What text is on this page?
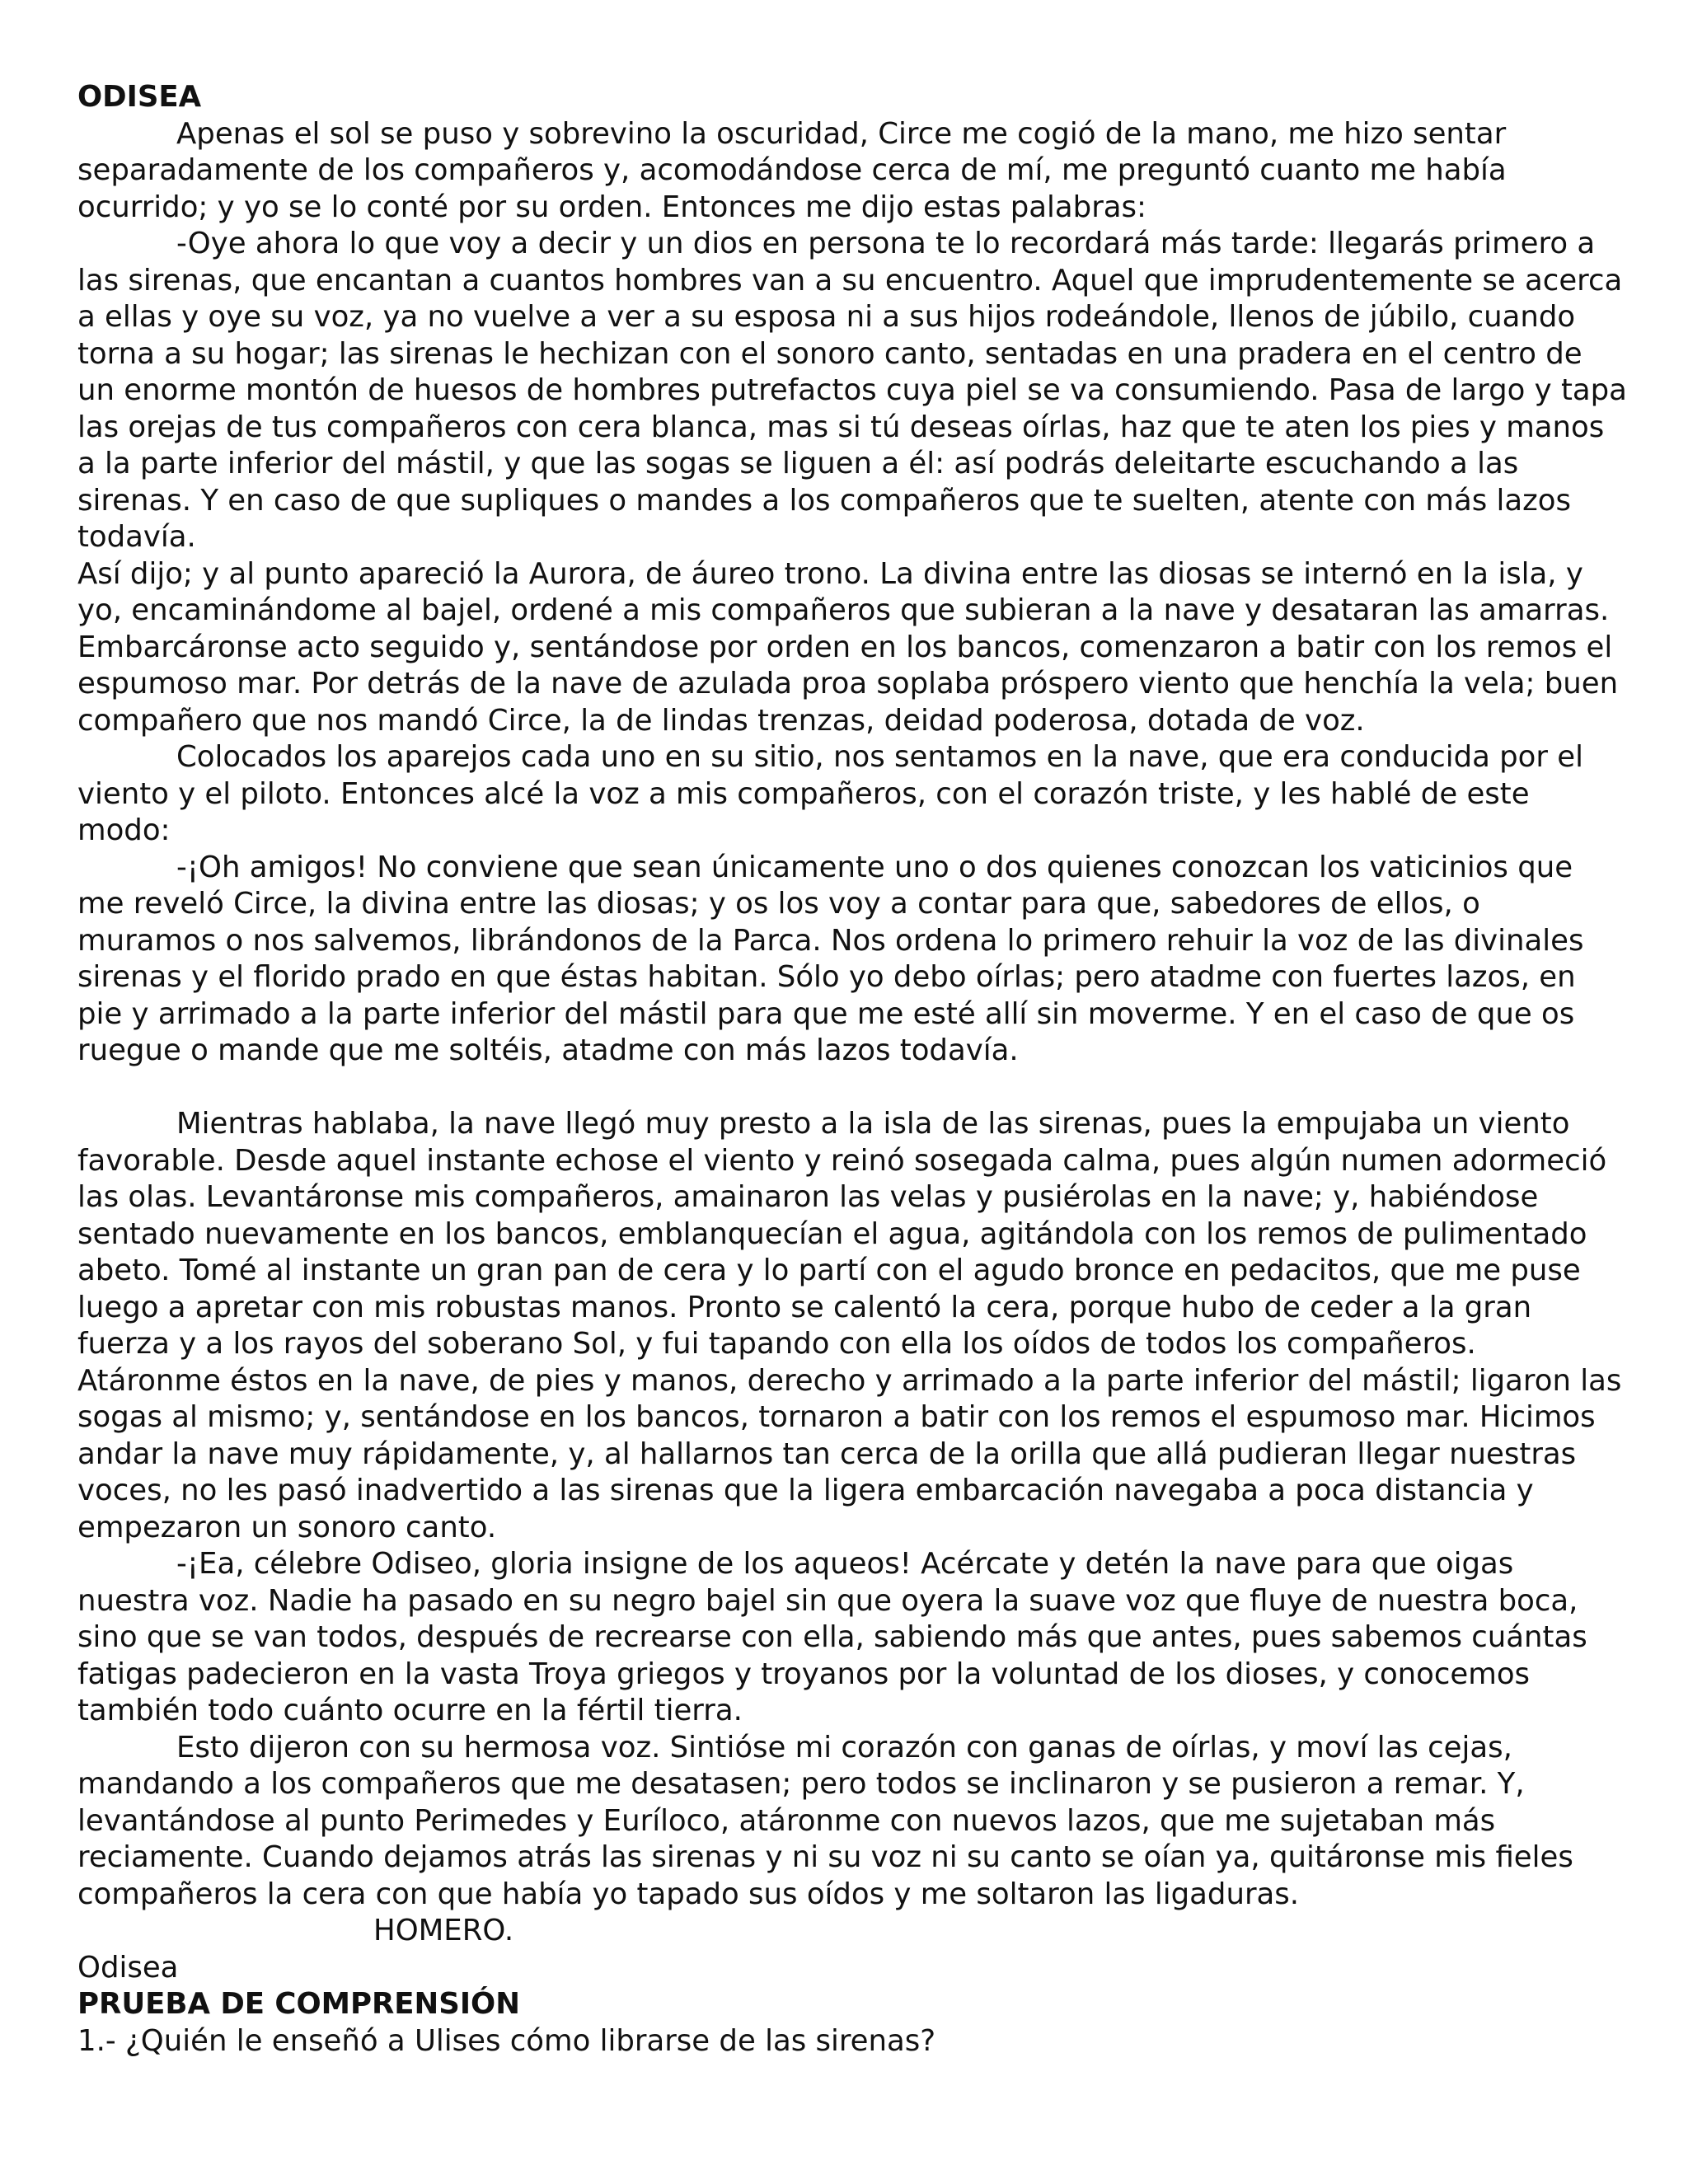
ODISEA

Apenas el sol se puso y sobrevino la oscuridad, Circe me cogió de la mano, me hizo sentar separadamente de los compañeros y, acomodándose cerca de mí, me preguntó cuanto me había ocurrido; y yo se lo conté por su orden. Entonces me dijo estas palabras:

-Oye ahora lo que voy a decir y un dios en persona te lo recordará más tarde: llegarás primero a las sirenas, que encantan a cuantos hombres van a su encuentro. Aquel que imprudentemente se acerca a ellas y oye su voz, ya no vuelve a ver a su esposa ni a sus hijos rodeándole, llenos de júbilo, cuando torna a su hogar; las sirenas le hechizan con el sonoro canto, sentadas en una pradera en el centro de un enorme montón de huesos de hombres putrefactos cuya piel se va consumiendo. Pasa de largo y tapa las orejas de tus compañeros con cera blanca, mas si tú deseas oírlas, haz que te aten los pies y manos a la parte inferior del mástil, y que las sogas se liguen a él: así podrás deleitarte escuchando a las sirenas. Y en caso de que supliques o mandes a los compañeros que te suelten, atente con más lazos todavía.

Así dijo; y al punto apareció la Aurora, de áureo trono. La divina entre las diosas se internó en la isla, y yo, encaminándome al bajel, ordené a mis compañeros que subieran a la nave y desataran las amarras. Embarcáronse acto seguido y, sentándose por orden en los bancos, comenzaron a batir con los remos el espumoso mar. Por detrás de la nave de azulada proa soplaba próspero viento que henchía la vela; buen compañero que nos mandó Circe, la de lindas trenzas, deidad poderosa, dotada de voz.

Colocados los aparejos cada uno en su sitio, nos sentamos en la nave, que era conducida por el viento y el piloto. Entonces alcé la voz a mis compañeros, con el corazón triste, y les hablé de este modo:

-¡Oh amigos! No conviene que sean únicamente uno o dos quienes conozcan los vaticinios que me reveló Circe, la divina entre las diosas; y os los voy a contar para que, sabedores de ellos, o muramos o nos salvemos, librándonos de la Parca. Nos ordena lo primero rehuir la voz de las divinales sirenas y el florido prado en que éstas habitan. Sólo yo debo oírlas; pero atadme con fuertes lazos, en pie y arrimado a la parte inferior del mástil para que me esté allí sin moverme. Y en el caso de que os ruegue o mande que me soltéis, atadme con más lazos todavía.

Mientras hablaba, la nave llegó muy presto a la isla de las sirenas, pues la empujaba un viento favorable. Desde aquel instante echose el viento y reinó sosegada calma, pues algún numen adormeció las olas. Levantáronse mis compañeros, amainaron las velas y pusiérolas en la nave; y, habiéndose sentado nuevamente en los bancos, emblanquecían el agua, agitándola con los remos de pulimentado abeto. Tomé al instante un gran pan de cera y lo partí con el agudo bronce en pedacitos, que me puse luego a apretar con mis robustas manos. Pronto se calentó la cera, porque hubo de ceder a la gran fuerza y a los rayos del soberano Sol, y fui tapando con ella los oídos de todos los compañeros. Atáronme éstos en la nave, de pies y manos, derecho y arrimado a la parte inferior del mástil; ligaron las sogas al mismo; y, sentándose en los bancos, tornaron a batir con los remos el espumoso mar. Hicimos andar la nave muy rápidamente, y, al hallarnos tan cerca de la orilla que allá pudieran llegar nuestras voces, no les pasó inadvertido a las sirenas que la ligera embarcación navegaba a poca distancia y empezaron un sonoro canto.

-¡Ea, célebre Odiseo, gloria insigne de los aqueos! Acércate y detén la nave para que oigas nuestra voz. Nadie ha pasado en su negro bajel sin que oyera la suave voz que fluye de nuestra boca, sino que se van todos, después de recrearse con ella, sabiendo más que antes, pues sabemos cuántas fatigas padecieron en la vasta Troya griegos y troyanos por la voluntad de los dioses, y conocemos también todo cuánto ocurre en la fértil tierra.

Esto dijeron con su hermosa voz. Sintióse mi corazón con ganas de oírlas, y moví las cejas, mandando a los compañeros que me desatasen; pero todos se inclinaron y se pusieron a remar. Y, levantándose al punto Perimedes y Euríloco, atáronme con nuevos lazos, que me sujetaban más reciamente. Cuando dejamos atrás las sirenas y ni su voz ni su canto se oían ya, quitáronse mis fieles compañeros la cera con que había yo tapado sus oídos y me soltaron las ligaduras.

HOMERO.

Odisea

PRUEBA DE COMPRENSIÓN

1.- ¿Quién le enseñó a Ulises cómo librarse de las sirenas?
